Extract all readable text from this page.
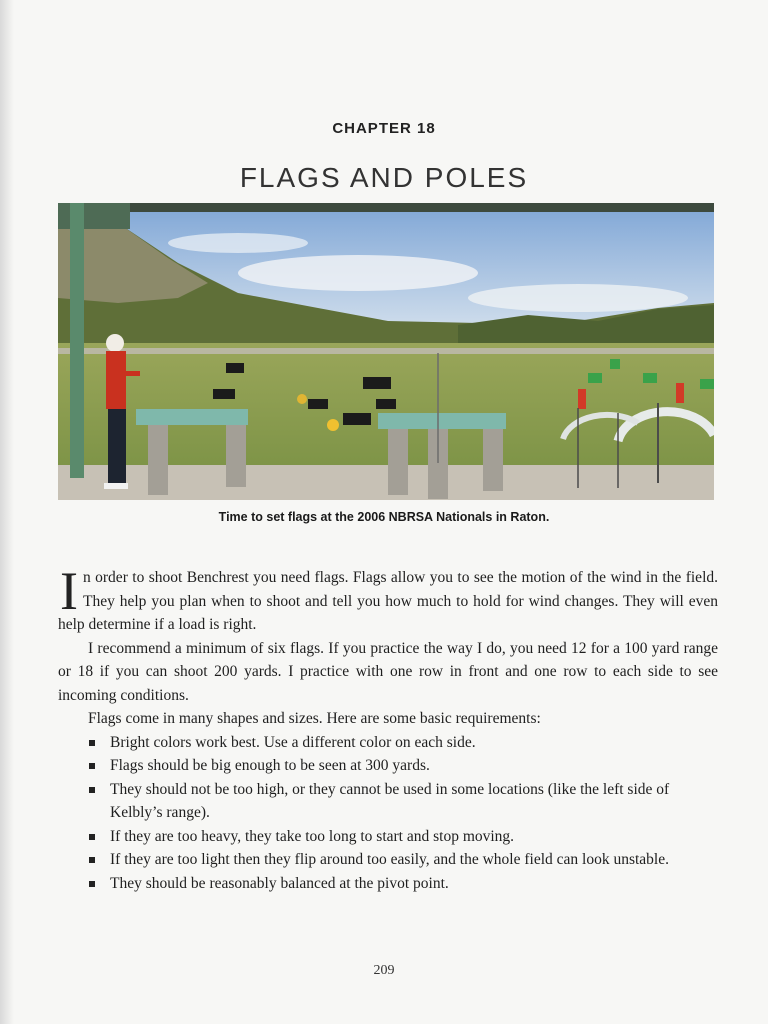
CHAPTER 18
FLAGS AND POLES
Time to set flags at the 2006 NBRSA Nationals in Raton.

In order to shoot Benchrest you need flags. Flags allow you to see the motion of the wind in the field. They help you plan when to shoot and tell you how much to hold for wind changes. They will even help determine if a load is right.

I recommend a minimum of six flags. If you practice the way I do, you need 12 for a 100 yard range or 18 if you can shoot 200 yards. I practice with one row in front and one row to each side to see incoming conditions.

Flags come in many shapes and sizes. Here are some basic requirements:

Bright colors work best. Use a different color on each side.
Flags should be big enough to be seen at 300 yards.
They should not be too high, or they cannot be used in some locations (like the left side of Kelbly’s range).
If they are too heavy, they take too long to start and stop moving.
If they are too light then they flip around too easily, and the whole field can look unstable.
They should be reasonably balanced at the pivot point.
209
